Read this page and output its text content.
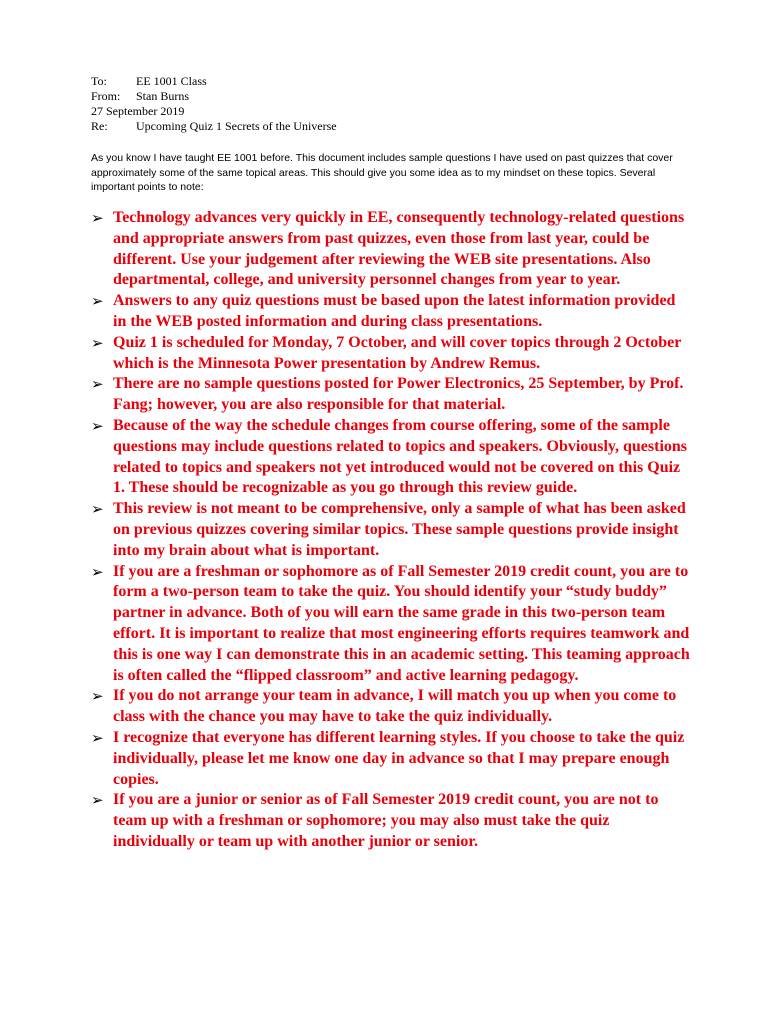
To:	EE 1001 Class
From:	Stan Burns
27 September 2019
Re:	Upcoming Quiz 1 Secrets of the Universe

As you know I have taught EE 1001 before. This document includes sample questions I have used on past quizzes that cover approximately some of the same topical areas. This should give you some idea as to my mindset on these topics. Several important points to note:

➢ Technology advances very quickly in EE, consequently technology-related questions and appropriate answers from past quizzes, even those from last year, could be different. Use your judgement after reviewing the WEB site presentations. Also departmental, college, and university personnel changes from year to year.
➢ Answers to any quiz questions must be based upon the latest information provided in the WEB posted information and during class presentations.
➢ Quiz 1 is scheduled for Monday, 7 October, and will cover topics through 2 October which is the Minnesota Power presentation by Andrew Remus.
➢ There are no sample questions posted for Power Electronics, 25 September, by Prof. Fang; however, you are also responsible for that material.
➢ Because of the way the schedule changes from course offering, some of the sample questions may include questions related to topics and speakers. Obviously, questions related to topics and speakers not yet introduced would not be covered on this Quiz 1. These should be recognizable as you go through this review guide.
➢ This review is not meant to be comprehensive, only a sample of what has been asked on previous quizzes covering similar topics. These sample questions provide insight into my brain about what is important.
➢ If you are a freshman or sophomore as of Fall Semester 2019 credit count, you are to form a two-person team to take the quiz. You should identify your “study buddy” partner in advance. Both of you will earn the same grade in this two-person team effort. It is important to realize that most engineering efforts requires teamwork and this is one way I can demonstrate this in an academic setting. This teaming approach is often called the “flipped classroom” and active learning pedagogy.
➢ If you do not arrange your team in advance, I will match you up when you come to class with the chance you may have to take the quiz individually.
➢ I recognize that everyone has different learning styles. If you choose to take the quiz individually, please let me know one day in advance so that I may prepare enough copies.
➢ If you are a junior or senior as of Fall Semester 2019 credit count, you are not to team up with a freshman or sophomore; you may also must take the quiz individually or team up with another junior or senior.
